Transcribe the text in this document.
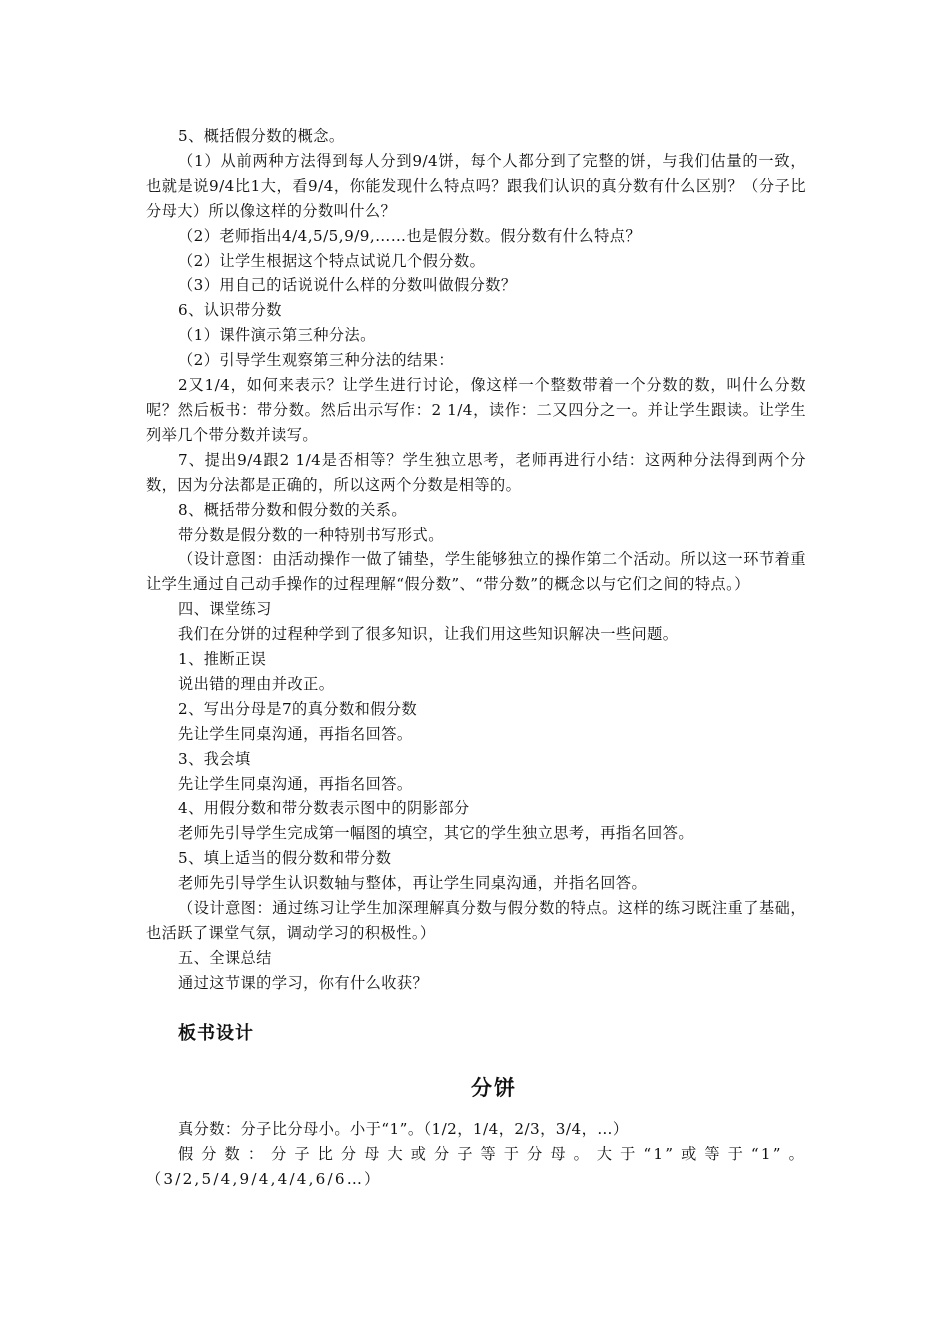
5、概括假分数的概念。

（1）从前两种方法得到每人分到9/4饼，每个人都分到了完整的饼，与我们估量的一致，也就是说9/4比1大，看9/4，你能发现什么特点吗？跟我们认识的真分数有什么区别？（分子比分母大）所以像这样的分数叫什么？

（2）老师指出4/4,5/5,9/9,……也是假分数。假分数有什么特点？

（2）让学生根据这个特点试说几个假分数。

（3）用自己的话说说什么样的分数叫做假分数？

6、认识带分数

（1）课件演示第三种分法。

（2）引导学生观察第三种分法的结果：

2又1/4，如何来表示？让学生进行讨论，像这样一个整数带着一个分数的数，叫什么分数呢？然后板书：带分数。然后出示写作：2 1/4，读作：二又四分之一。并让学生跟读。让学生列举几个带分数并读写。

7、提出9/4跟2 1/4是否相等？学生独立思考，老师再进行小结：这两种分法得到两个分数，因为分法都是正确的，所以这两个分数是相等的。

8、概括带分数和假分数的关系。

带分数是假分数的一种特别书写形式。

（设计意图：由活动操作一做了铺垫，学生能够独立的操作第二个活动。所以这一环节着重让学生通过自己动手操作的过程理解“假分数”、“带分数”的概念以与它们之间的特点。）

四、课堂练习

我们在分饼的过程种学到了很多知识，让我们用这些知识解决一些问题。

1、推断正误

说出错的理由并改正。

2、写出分母是7的真分数和假分数

先让学生同桌沟通，再指名回答。

3、我会填

先让学生同桌沟通，再指名回答。

4、用假分数和带分数表示图中的阴影部分

老师先引导学生完成第一幅图的填空，其它的学生独立思考，再指名回答。

5、填上适当的假分数和带分数

老师先引导学生认识数轴与整体，再让学生同桌沟通，并指名回答。

（设计意图：通过练习让学生加深理解真分数与假分数的特点。这样的练习既注重了基础，也活跃了课堂气氛，调动学习的积极性。）

五、全课总结

通过这节课的学习，你有什么收获？

板书设计
分饼

真分数：分子比分母小。小于“1”。（1/2，1/4，2/3，3/4，…）

假分数：分子比分母大或分子等于分母。大于“1”或等于“1”。（3/2,5/4,9/4,4/4,6/6…）
